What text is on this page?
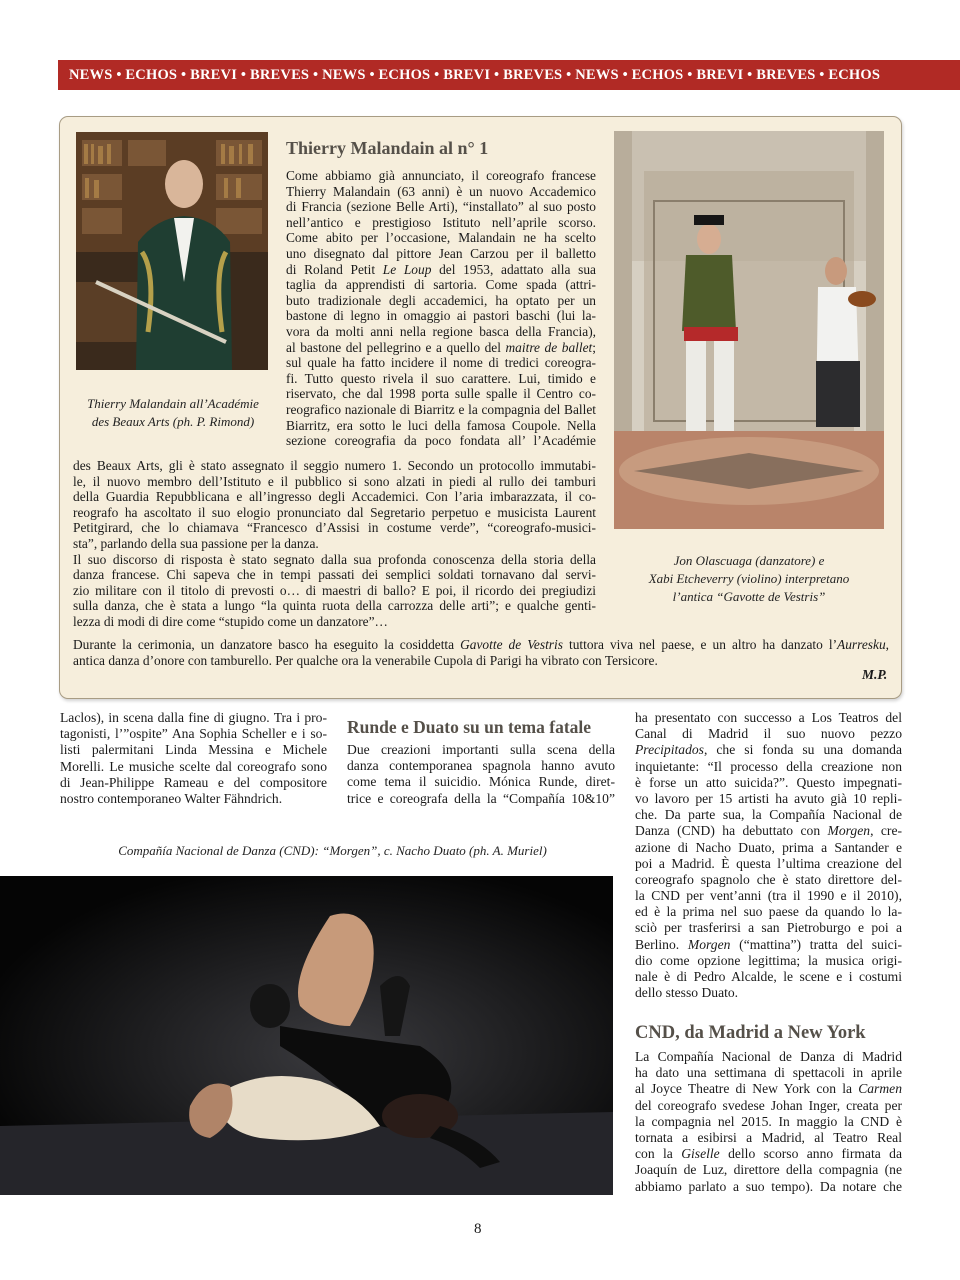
NEWS • ECHOS • BREVI • BREVES • NEWS • ECHOS • BREVI • BREVES • NEWS • ECHOS • BREVI • BREVES • ECHOS
Thierry Malandain all’Académie
des Beaux Arts (ph. P. Rimond)
Jon Olascuaga (danzatore) e
Xabi Etcheverry (violino) interpretano
l’antica “Gavotte de Vestris”
Thierry Malandain al n° 1
Come abbiamo già annunciato, il coreografo francese
Thierry Malandain (63 anni) è un nuovo Accademico
di Francia (sezione Belle Arti), “installato” al suo posto
nell’antico e prestigioso Istituto nell’aprile scorso.
Come abito per l’occasione, Malandain ne ha scelto
uno disegnato dal pittore Jean Carzou per il balletto
di Roland Petit Le Loup del 1953, adattato alla sua
taglia da apprendisti di sartoria. Come spada (attri-
buto tradizionale degli accademici, ha optato per un
bastone di legno in omaggio ai pastori baschi (lui la-
vora da molti anni nella regione basca della Francia),
al bastone del pellegrino e a quello del maitre de ballet;
sul quale ha fatto incidere il nome di tredici coreogra-
fi. Tutto questo rivela il suo carattere. Lui, timido e
riservato, che dal 1998 porta sulle spalle il Centro co-
reografico nazionale di Biarritz e la compagnia del Ballet
Biarritz, era sotto le luci della famosa Coupole. Nella
sezione coreografia da poco fondata all’ l’Académie
des Beaux Arts, gli è stato assegnato il seggio numero 1. Secondo un protocollo immutabi-
le, il nuovo membro dell’Istituto e il pubblico si sono alzati in piedi al rullo dei tamburi
della Guardia Repubblicana e all’ingresso degli Accademici. Con l’aria imbarazzata, il co-
reografo ha ascoltato il suo elogio pronunciato dal Segretario perpetuo e musicista Laurent
Petitgirard, che lo chiamava “Francesco d’Assisi in costume verde”, “coreografo-musici-
sta”, parlando della sua passione per la danza.
Il suo discorso di risposta è stato segnato dalla sua profonda conoscenza della storia della
danza francese. Chi sapeva che in tempi passati dei semplici soldati tornavano dal servi-
zio militare con il titolo di prevosti o… di maestri di ballo? E poi, il ricordo dei pregiudizi
sulla danza, che è stata a lungo “la quinta ruota della carrozza delle arti”; e qualche genti-
lezza di modi di dire come “stupido come un danzatore”…
Durante la cerimonia, un danzatore basco ha eseguito la cosiddetta Gavotte de Vestris tuttora viva nel paese, e un altro ha danzato l’Aurresku,
antica danza d’onore con tamburello. Per qualche ora la venerabile Cupola di Parigi ha vibrato con Tersicore.
M.P.
Laclos), in scena dalla fine di giugno. Tra i pro-
tagonisti, l’”ospite” Ana Sophia Scheller e i so-
listi palermitani Linda Messina e Michele
Morelli. Le musiche scelte dal coreografo sono
di Jean-Philippe Rameau e del compositore
nostro contemporaneo Walter Fähndrich.
Runde e Duato su un tema fatale
Due creazioni importanti sulla scena della
danza contemporanea spagnola hanno avuto
come tema il suicidio. Mónica Runde, diret-
trice e coreografa della la “Compañía 10&10”
Compañía Nacional de Danza (CND): “Morgen”, c. Nacho Duato (ph. A. Muriel)
ha presentato con successo a Los Teatros del
Canal di Madrid il suo nuovo pezzo
Precipitados, che si fonda su una domanda
inquietante: “Il processo della creazione non
è forse un atto suicida?”. Questo impegnati-
vo lavoro per 15 artisti ha avuto già 10 repli-
che. Da parte sua, la Compañía Nacional de
Danza (CND) ha debuttato con Morgen, cre-
azione di Nacho Duato, prima a Santander e
poi a Madrid. È questa l’ultima creazione del
coreografo spagnolo che è stato direttore del-
la CND per vent’anni (tra il 1990 e il 2010),
ed è la prima nel suo paese da quando lo la-
sciò per trasferirsi a san Pietroburgo e poi a
Berlino. Morgen (“mattina”) tratta del suici-
dio come opzione legittima; la musica origi-
nale è di Pedro Alcalde, le scene e i costumi
dello stesso Duato.
CND, da Madrid a New York
La Compañía Nacional de Danza di Madrid
ha dato una settimana di spettacoli in aprile
al Joyce Theatre di New York con la Carmen
del coreografo svedese Johan Inger, creata per
la compagnia nel 2015. In maggio la CND è
tornata a esibirsi a Madrid, al Teatro Real
con la Giselle dello scorso anno firmata da
Joaquín de Luz, direttore della compagnia (ne
abbiamo parlato a suo tempo). Da notare che
8
